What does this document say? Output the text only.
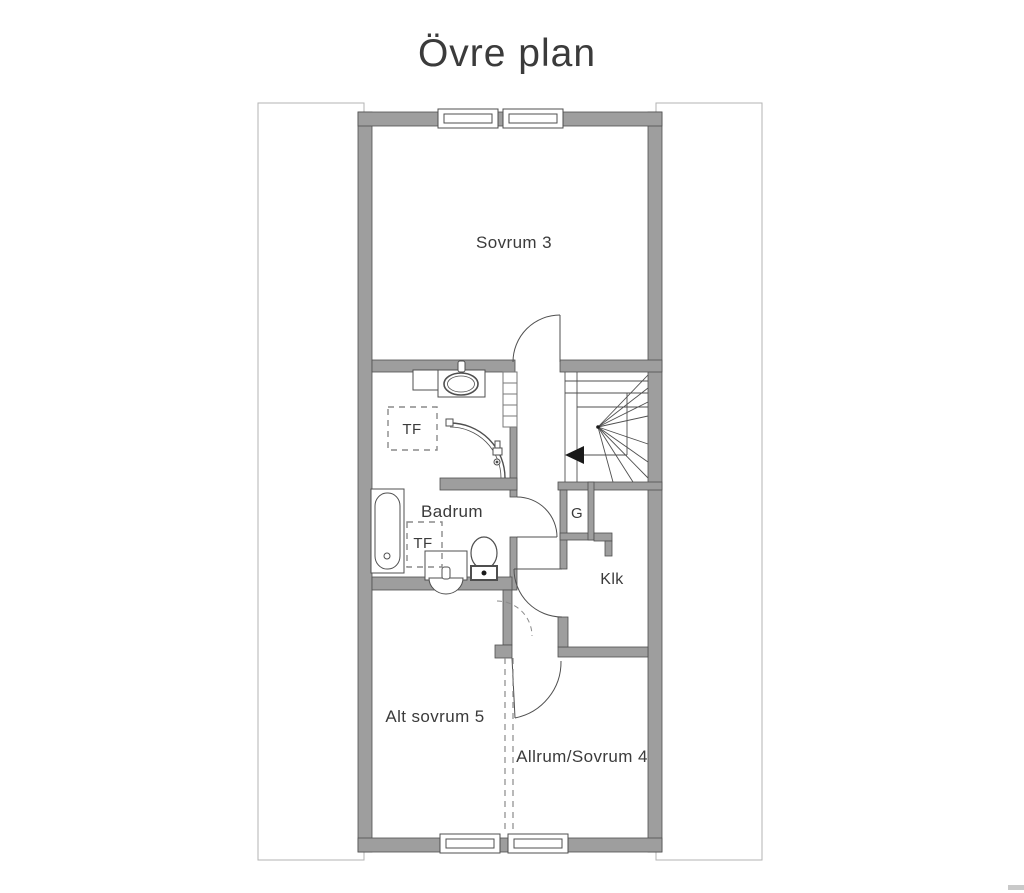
Övre plan
Sovrum 3
Badrum
TF
TF
G
Klk
Alt sovrum 5
Allrum/Sovrum 4
